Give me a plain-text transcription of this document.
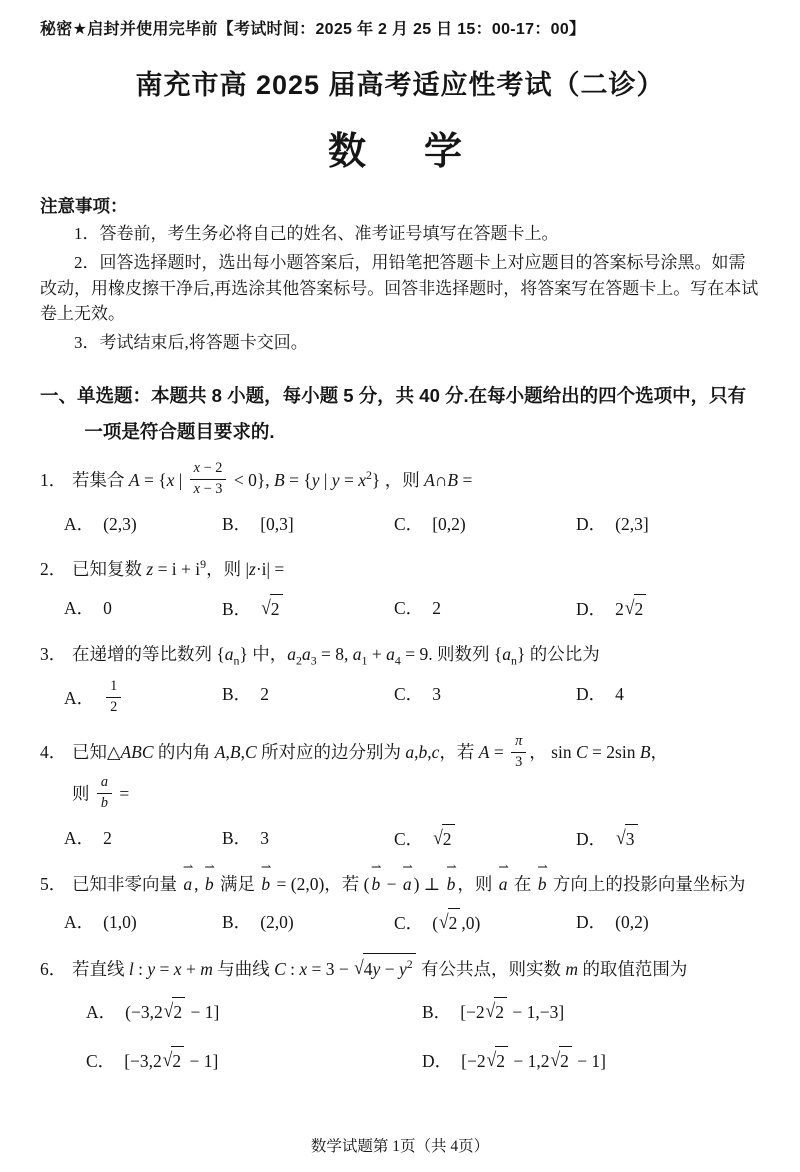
秘密★启封并使用完毕前【考试时间：2025 年 2 月 25 日 15：00-17：00】
南充市高 2025 届高考适应性考试（二诊）
数　学
注意事项：

1．答卷前，考生务必将自己的姓名、准考证号填写在答题卡上。

2．回答选择题时，选出每小题答案后，用铅笔把答题卡上对应题目的答案标号涂黑。如需改动，用橡皮擦干净后,再选涂其他答案标号。回答非选择题时，将答案写在答题卡上。写在本试卷上无效。

3．考试结束后,将答题卡交回。

一、单选题：本题共 8 小题，每小题 5 分，共 40 分.在每小题给出的四个选项中，只有一项是符合题目要求的.
1． 若集合 A = {x | $\frac{x - 2}{x - 3} < 0$}, B = {y | $y = x^2$} ，则 A∩B =
A． (2,3)	B． [0,3]	C． [0,2)	D． (2,3]
2． 已知复数 $z = i + i^9$，则 |z·i| =
A． 0	B． √2	C． 2	D． 2√2
3． 在递增的等比数列 $\{a_n\}$ 中，$a_2a_3 = 8$, $a_1 + a_4 = 9$. 则数列 $\{a_n\}$ 的公比为
A． $\frac{1}{2}$	B． 2	C． 3	D． 4
4． 已知△ABC 的内角 A,B,C 所对应的边分别为 a,b,c，若 $A = \frac{\pi}{3}$ ， sin C = 2sin B，
则 $\frac{a}{b}$ =
A． 2	B． 3	C． √2	D． √3
5． 已知非零向量
⇀
a ,
⇀
b 满足
⇀
b = (2,0)，若 (
⇀
b −
⇀
a ) ⊥
⇀
b ，则
⇀
a 在
⇀
b 方向上的投影向量坐标为
A． (1,0)	B． (2,0)	C． (√2 ,0)	D． (0,2)
6． 若直线 l : y = x + m 与曲线 C : $x = 3 - √4y - y^2$ 有公共点，则实数 m 的取值范围为
A． (−3,2√2 − 1]	B． [−2√2 − 1,−3]
C． [−3,2√2 − 1]	D． [−2√2 − 1,2√2 − 1]
数学试题第 1页（共 4页）
